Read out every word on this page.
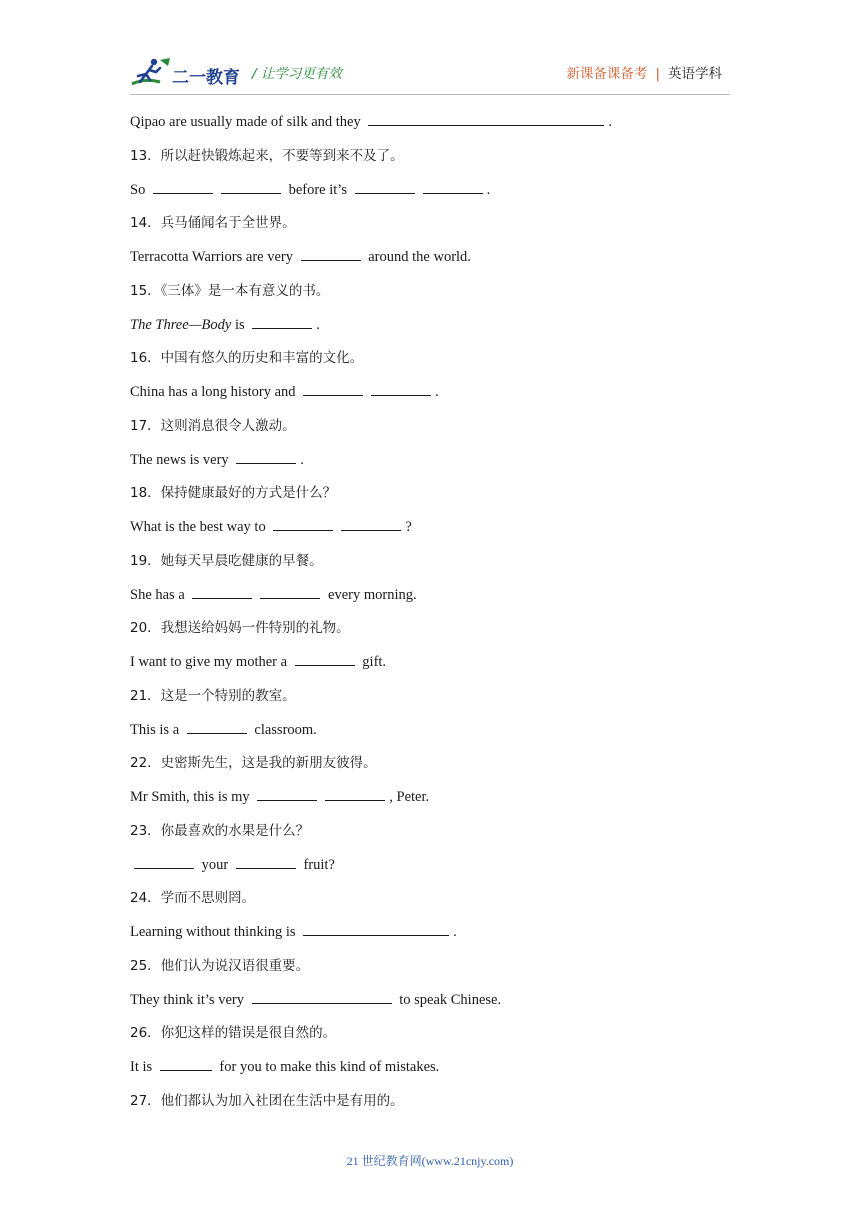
二一教育 / 让学习更有效	新课备课备考 | 英语学科
Qipao are usually made of silk and they	.
13．所以赶快锻炼起来，不要等到来不及了。
So	before it’s	.
14．兵马俑闻名于全世界。
Terracotta Warriors are very	around the world.
15．《三体》是一本有意义的书。
The Three—Body is	.
16．中国有悠久的历史和丰富的文化。
China has a long history and	.
17．这则消息很令人激动。
The news is very	.
18．保持健康最好的方式是什么？
What is the best way to	?
19．她每天早晨吃健康的早餐。
She has a	every morning.
20．我想送给妈妈一件特别的礼物。
I want to give my mother a	gift.
21．这是一个特别的教室。
This is a	classroom.
22．史密斯先生，这是我的新朋友彼得。
Mr Smith, this is my	, Peter.
23．你最喜欢的水果是什么？
your	fruit?
24．学而不思则罔。
Learning without thinking is	.
25．他们认为说汉语很重要。
They think it’s very	to speak Chinese.
26．你犯这样的错误是很自然的。
It is	for you to make this kind of mistakes.
27．他们都认为加入社团在生活中是有用的。
21 世纪教育网(www.21cnjy.com)
